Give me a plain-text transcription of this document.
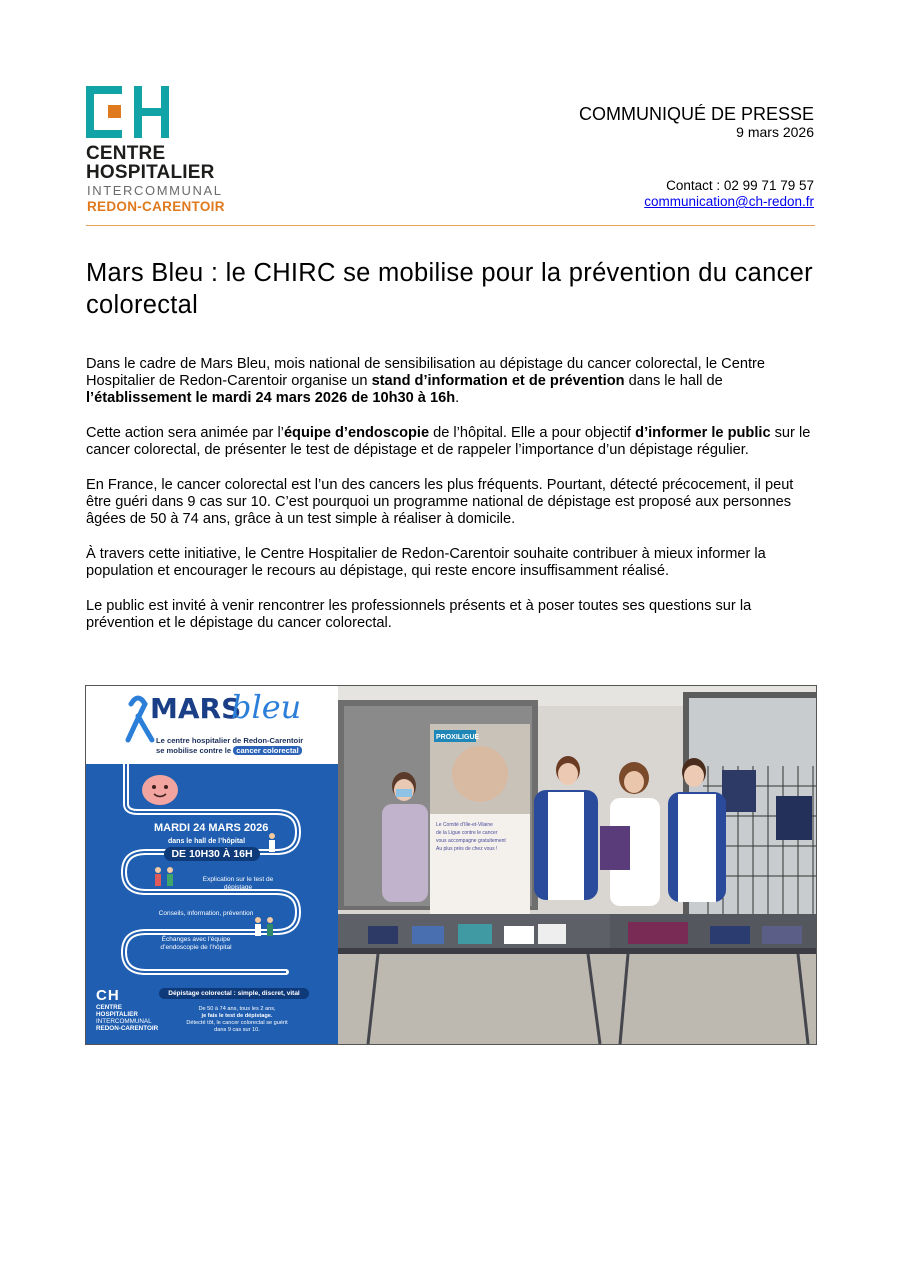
CENTRE
HOSPITALIER
INTERCOMMUNAL
REDON-CARENTOIR
COMMUNIQUÉ DE PRESSE
9 mars 2026
Contact : 02 99 71 79 57
communication@ch-redon.fr
Mars Bleu : le CHIRC se mobilise pour la prévention du cancer colorectal

Dans le cadre de Mars Bleu, mois national de sensibilisation au dépistage du cancer colorectal, le Centre Hospitalier de Redon-Carentoir organise un stand d’information et de prévention dans le hall de l’établissement le mardi 24 mars 2026 de 10h30 à 16h.

Cette action sera animée par l’équipe d’endoscopie de l’hôpital. Elle a pour objectif d’informer le public sur le cancer colorectal, de présenter le test de dépistage et de rappeler l’importance d’un dépistage régulier.

En France, le cancer colorectal est l’un des cancers les plus fréquents. Pourtant, détecté précocement, il peut être guéri dans 9 cas sur 10. C’est pourquoi un programme national de dépistage est proposé aux personnes âgées de 50 à 74 ans, grâce à un test simple à réaliser à domicile.

À travers cette initiative, le Centre Hospitalier de Redon-Carentoir souhaite contribuer à mieux informer la population et encourager le recours au dépistage, qui reste encore insuffisamment réalisé.

Le public est invité à venir rencontrer les professionnels présents et à poser toutes ses questions sur la prévention et le dépistage du cancer colorectal.

MARS
bleu
Le centre hospitalier de Redon-Carentoir
se mobilise contre le cancer colorectal
MARDI 24 MARS 2026
dans le hall de l’hôpital
DE 10H30 À 16H
Explication sur le test de dépistage
Conseils, information, prévention
Échanges avec l’équipe d’endoscopie de l’hôpital
Dépistage colorectal : simple, discret, vital
De 50 à 74 ans, tous les 2 ans,
je fais le test de dépistage.
Détecté tôt, le cancer colorectal se guérit
dans 9 cas sur 10.
CH
CENTRE
HOSPITALIER
INTERCOMMUNAL
REDON-CARENTOIR
PROXILIGUE
Le Comité d’Ille-et-Vilaine
de la Ligue contre le cancer
vous accompagne gratuitement
Au plus près de chez vous !
